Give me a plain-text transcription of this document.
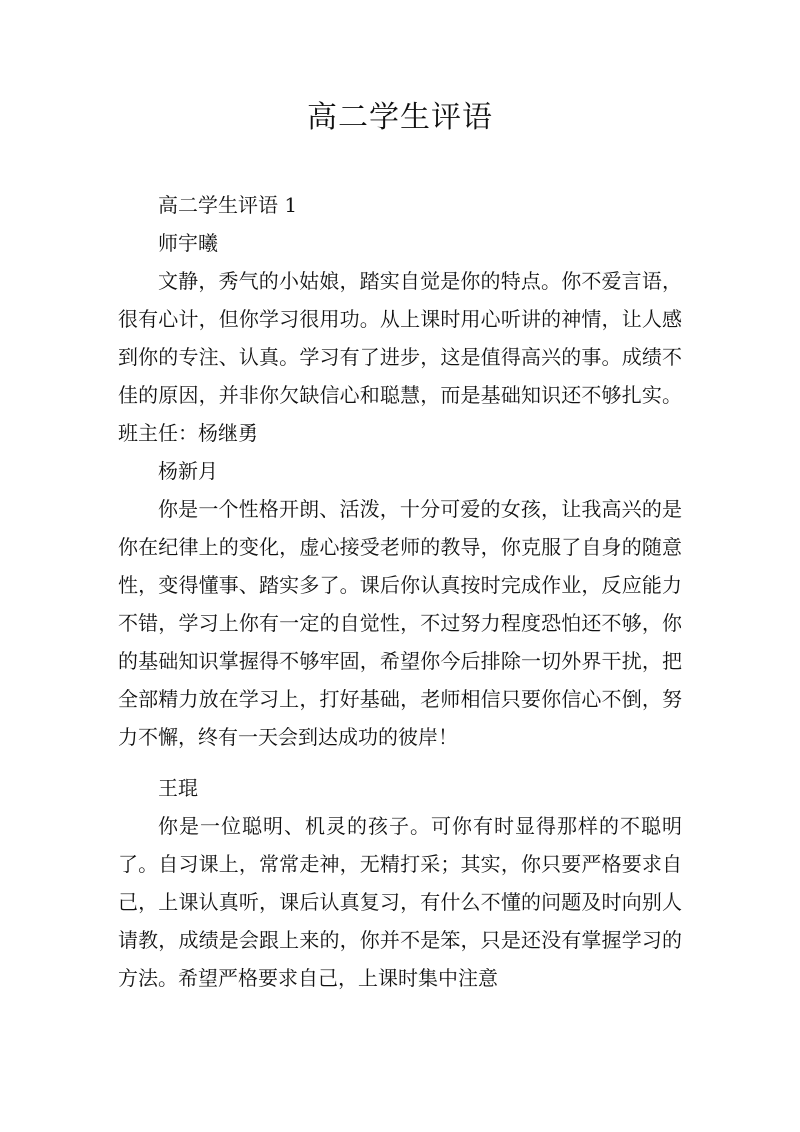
高二学生评语

高二学生评语 1

师宇曦

文静，秀气的小姑娘，踏实自觉是你的特点。你不爱言语，很有心计，但你学习很用功。从上课时用心听讲的神情，让人感到你的专注、认真。学习有了进步，这是值得高兴的事。成绩不佳的原因，并非你欠缺信心和聪慧，而是基础知识还不够扎实。班主任：杨继勇

杨新月

你是一个性格开朗、活泼，十分可爱的女孩，让我高兴的是你在纪律上的变化，虚心接受老师的教导，你克服了自身的随意性，变得懂事、踏实多了。课后你认真按时完成作业，反应能力不错，学习上你有一定的自觉性，不过努力程度恐怕还不够，你的基础知识掌握得不够牢固，希望你今后排除一切外界干扰，把全部精力放在学习上，打好基础，老师相信只要你信心不倒，努力不懈，终有一天会到达成功的彼岸！

王琨

你是一位聪明、机灵的孩子。可你有时显得那样的不聪明了。自习课上，常常走神，无精打采；其实，你只要严格要求自己，上课认真听，课后认真复习，有什么不懂的问题及时向别人请教，成绩是会跟上来的，你并不是笨，只是还没有掌握学习的方法。希望严格要求自己，上课时集中注意
